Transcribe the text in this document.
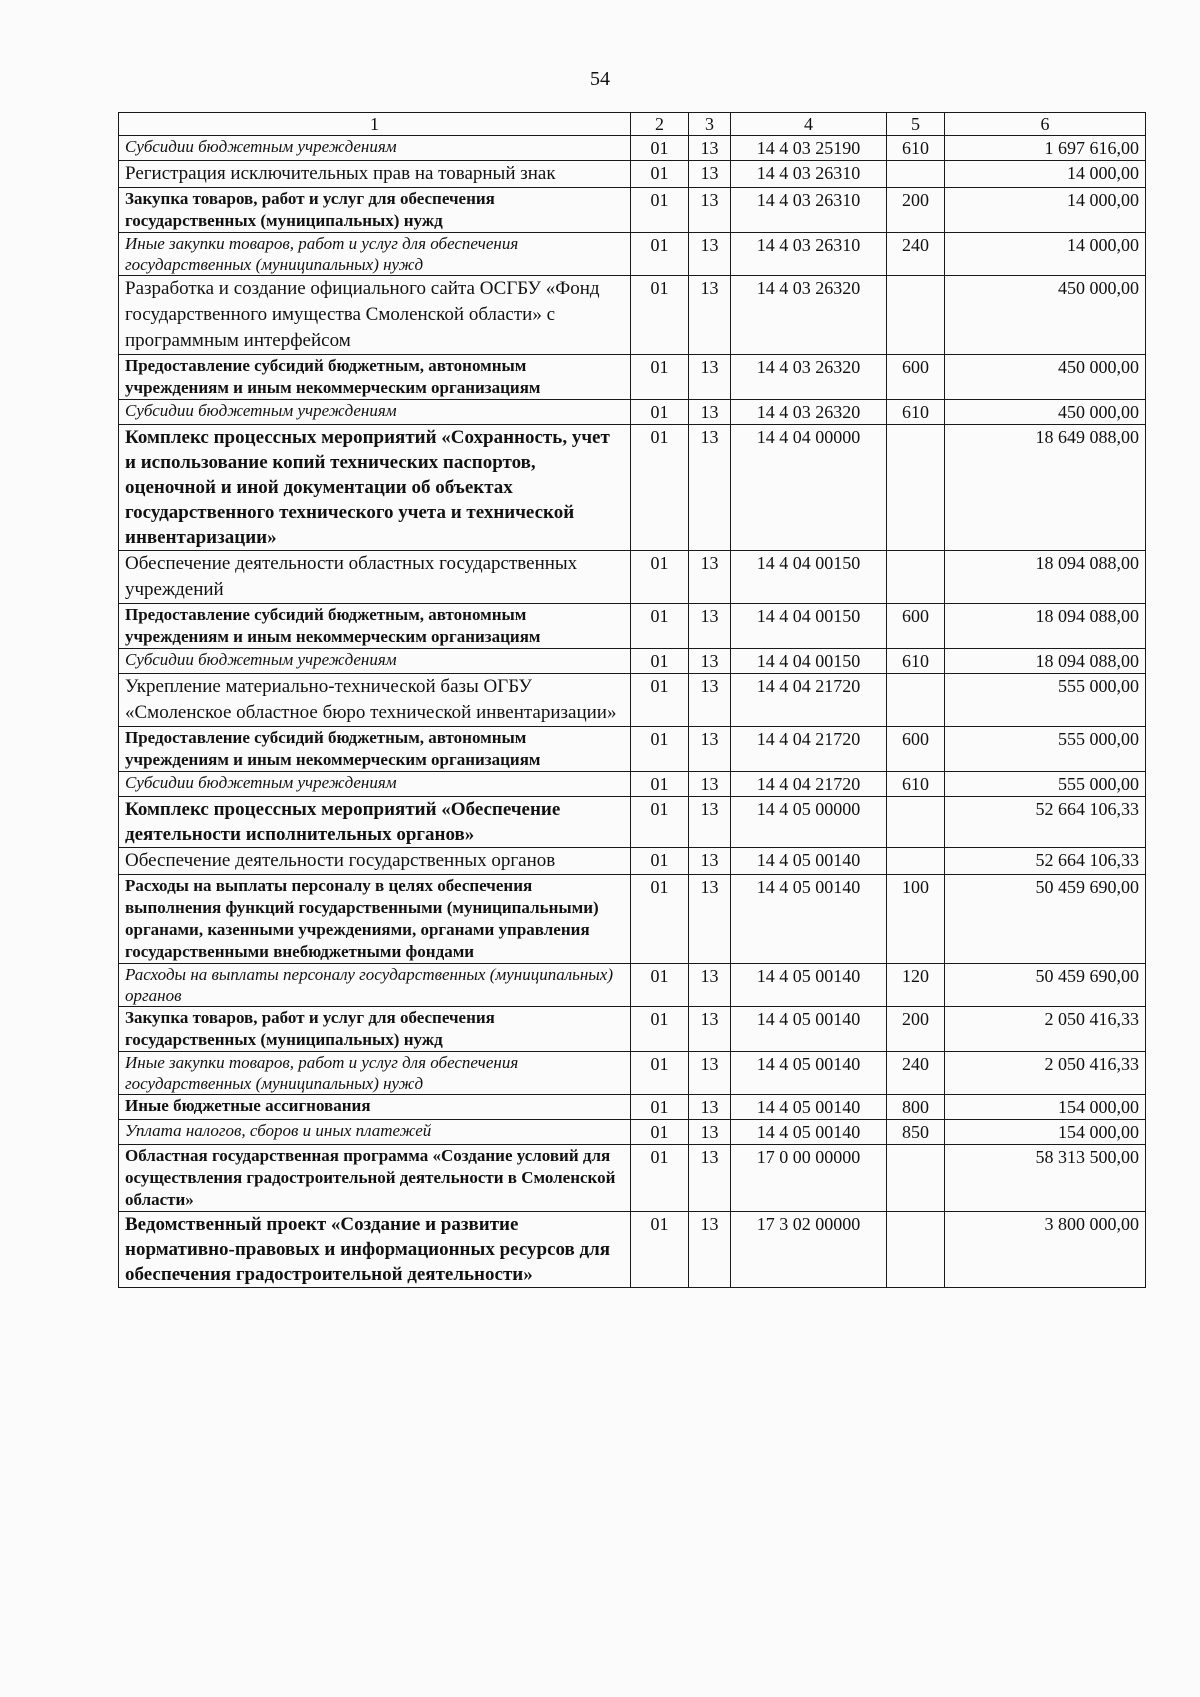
54
1	2	3	4	5	6
Субсидии бюджетным учреждениям	01	13	14 4 03 25190	610	1 697 616,00
Регистрация исключительных прав на товарный знак	01	13	14 4 03 26310		14 000,00
Закупка товаров, работ и услуг для обеспечения государственных (муниципальных) нужд	01	13	14 4 03 26310	200	14 000,00
Иные закупки товаров, работ и услуг для обеспечения государственных (муниципальных) нужд	01	13	14 4 03 26310	240	14 000,00
Разработка и создание официального сайта ОСГБУ «Фонд государственного имущества Смоленской области» с программным интерфейсом	01	13	14 4 03 26320		450 000,00
Предоставление субсидий бюджетным, автономным учреждениям и иным некоммерческим организациям	01	13	14 4 03 26320	600	450 000,00
Субсидии бюджетным учреждениям	01	13	14 4 03 26320	610	450 000,00
Комплекс процессных мероприятий «Сохранность, учет и использование копий технических паспортов, оценочной и иной документации об объектах государственного технического учета и технической инвентаризации»	01	13	14 4 04 00000		18 649 088,00
Обеспечение деятельности областных государственных учреждений	01	13	14 4 04 00150		18 094 088,00
Предоставление субсидий бюджетным, автономным учреждениям и иным некоммерческим организациям	01	13	14 4 04 00150	600	18 094 088,00
Субсидии бюджетным учреждениям	01	13	14 4 04 00150	610	18 094 088,00
Укрепление материально-технической базы ОГБУ «Смоленское областное бюро технической инвентаризации»	01	13	14 4 04 21720		555 000,00
Предоставление субсидий бюджетным, автономным учреждениям и иным некоммерческим организациям	01	13	14 4 04 21720	600	555 000,00
Субсидии бюджетным учреждениям	01	13	14 4 04 21720	610	555 000,00
Комплекс процессных мероприятий «Обеспечение деятельности исполнительных органов»	01	13	14 4 05 00000		52 664 106,33
Обеспечение деятельности государственных органов	01	13	14 4 05 00140		52 664 106,33
Расходы на выплаты персоналу в целях обеспечения выполнения функций государственными (муниципальными) органами, казенными учреждениями, органами управления государственными внебюджетными фондами	01	13	14 4 05 00140	100	50 459 690,00
Расходы на выплаты персоналу государственных (муниципальных) органов	01	13	14 4 05 00140	120	50 459 690,00
Закупка товаров, работ и услуг для обеспечения государственных (муниципальных) нужд	01	13	14 4 05 00140	200	2 050 416,33
Иные закупки товаров, работ и услуг для обеспечения государственных (муниципальных) нужд	01	13	14 4 05 00140	240	2 050 416,33
Иные бюджетные ассигнования	01	13	14 4 05 00140	800	154 000,00
Уплата налогов, сборов и иных платежей	01	13	14 4 05 00140	850	154 000,00
Областная государственная программа «Создание условий для осуществления градостроительной деятельности в Смоленской области»	01	13	17 0 00 00000		58 313 500,00
Ведомственный проект «Создание и развитие нормативно-правовых и информационных ресурсов для обеспечения градостроительной деятельности»	01	13	17 3 02 00000		3 800 000,00
